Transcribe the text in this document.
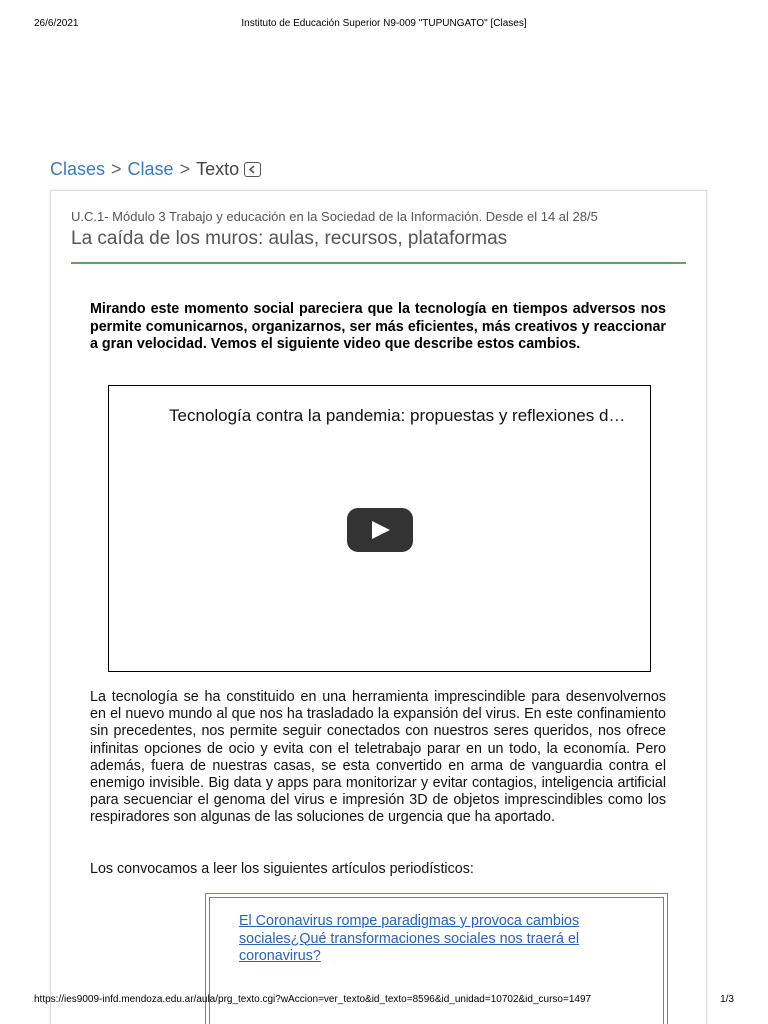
26/6/2021	Instituto de Educación Superior N9-009 "TUPUNGATO" [Clases]
Clases > Clase > Texto
U.C.1- Módulo 3 Trabajo y educación en la Sociedad de la Información. Desde el 14 al 28/5
La caída de los muros: aulas, recursos, plataformas

Mirando este momento social pareciera que la tecnología en tiempos adversos nos permite comunicarnos, organizarnos, ser más eficientes, más creativos y reaccionar a gran velocidad. Vemos el siguiente video que describe estos cambios.

Tecnología contra la pandemia: propuestas y reflexiones d…

La tecnología se ha constituido en una herramienta imprescindible para desenvolvernos en el nuevo mundo al que nos ha trasladado la expansión del virus. En este confinamiento sin precedentes, nos permite seguir conectados con nuestros seres queridos, nos ofrece infinitas opciones de ocio y evita con el teletrabajo parar en un todo, la economía. Pero además, fuera de nuestras casas, se esta convertido en arma de vanguardia contra el enemigo invisible. Big data y apps para monitorizar y evitar contagios, inteligencia artificial para secuenciar el genoma del virus e impresión 3D de objetos imprescindibles como los respiradores son algunas de las soluciones de urgencia que ha aportado.

Los convocamos a leer los siguientes artículos periodísticos:

El Coronavirus rompe paradigmas y provoca cambios sociales¿Qué transformaciones sociales nos traerá el coronavirus?
https://ies9009-infd.mendoza.edu.ar/aula/prg_texto.cgi?wAccion=ver_texto&id_texto=8596&id_unidad=10702&id_curso=1497	1/3
